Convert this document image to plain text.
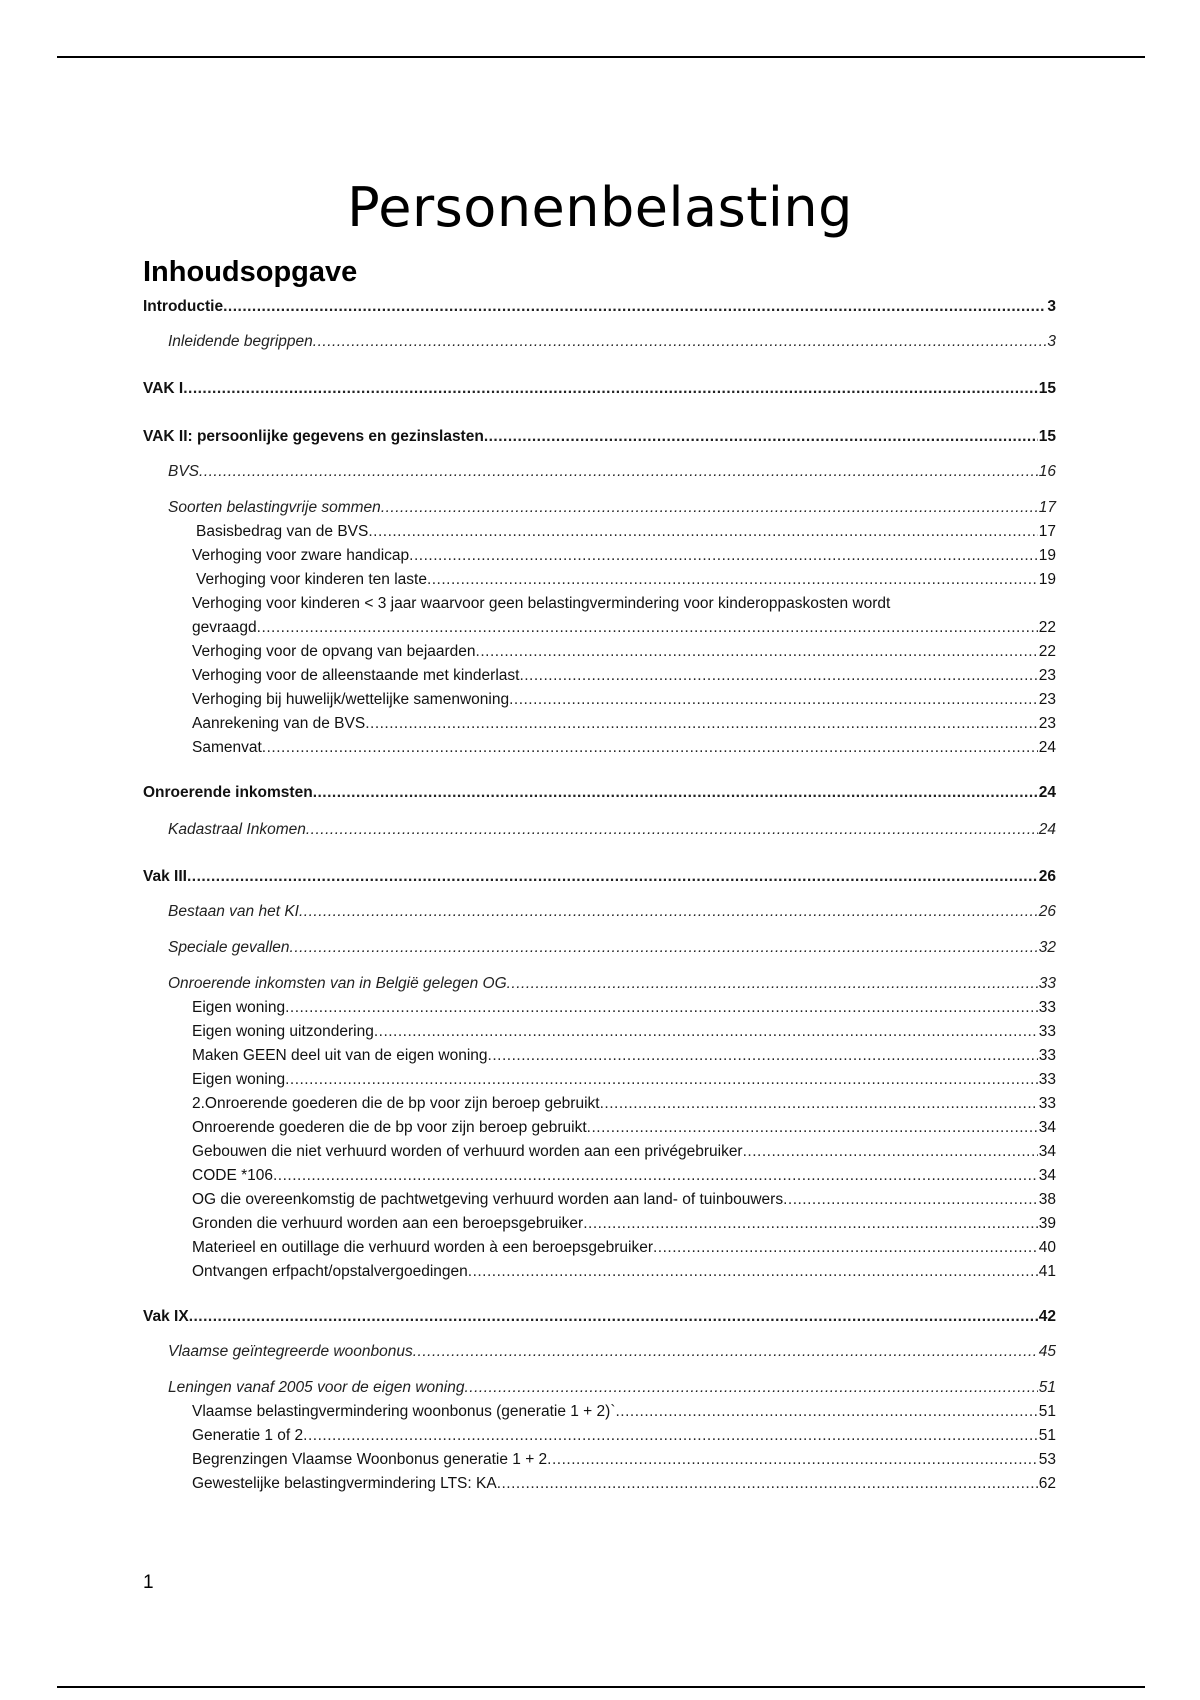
Personenbelasting
Inhoudsopgave
Introductie .....	3
Inleidende begrippen .....	3
VAK I .....	15
VAK II: persoonlijke gegevens en gezinslasten .....	15
BVS .....	16
Soorten belastingvrije sommen .....	17
Basisbedrag van de BVS .....	17
Verhoging voor zware handicap .....	19
Verhoging voor kinderen ten laste .....	19
Verhoging voor kinderen < 3 jaar waarvoor geen belastingvermindering voor kinderoppaskosten wordt
gevraagd .....	22
Verhoging voor de opvang van bejaarden .....	22
Verhoging voor de alleenstaande met kinderlast .....	23
Verhoging bij huwelijk/wettelijke samenwoning .....	23
Aanrekening van de BVS .....	23
Samenvat .....	24
Onroerende inkomsten .....	24
Kadastraal Inkomen .....	24
Vak III .....	26
Bestaan van het KI .....	26
Speciale gevallen .....	32
Onroerende inkomsten van in België gelegen OG .....	33
Eigen woning .....	33
Eigen woning uitzondering .....	33
Maken GEEN deel uit van de eigen woning .....	33
Eigen woning .....	33
2.Onroerende goederen die de bp voor zijn beroep gebruikt .....	33
Onroerende goederen die de bp voor zijn beroep gebruikt .....	34
Gebouwen die niet verhuurd worden of verhuurd worden aan een privégebruiker .....	34
CODE *106 .....	34
OG die overeenkomstig de pachtwetgeving verhuurd worden aan land- of tuinbouwers .....	38
Gronden die verhuurd worden aan een beroepsgebruiker .....	39
Materieel en outillage die verhuurd worden à een beroepsgebruiker .....	40
Ontvangen erfpacht/opstalvergoedingen .....	41
Vak IX .....	42
Vlaamse geïntegreerde woonbonus .....	45
Leningen vanaf 2005 voor de eigen woning .....	51
Vlaamse belastingvermindering woonbonus (generatie 1 + 2)` .....	51
Generatie 1 of 2 .....	51
Begrenzingen Vlaamse Woonbonus generatie 1 + 2 .....	53
Gewestelijke belastingvermindering LTS: KA .....	62
1
